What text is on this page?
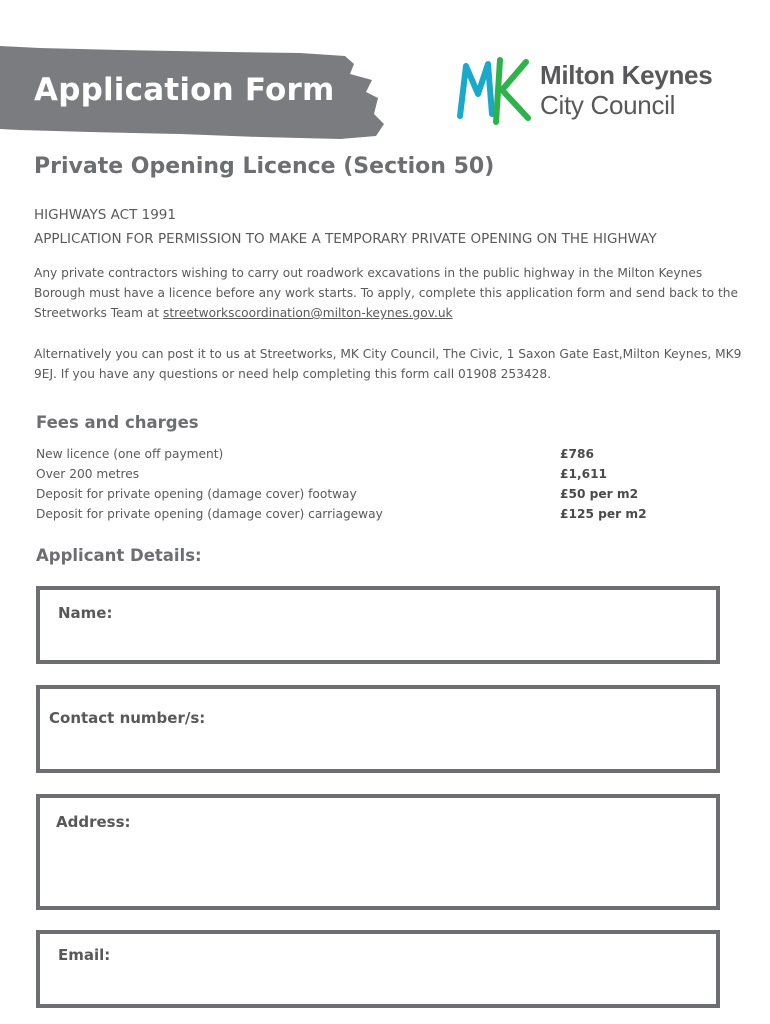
Application Form	Milton Keynes
City Council
Private Opening Licence (Section 50)

HIGHWAYS ACT 1991

APPLICATION FOR PERMISSION TO MAKE A TEMPORARY PRIVATE OPENING ON THE HIGHWAY

Any private contractors wishing to carry out roadwork excavations in the public highway in the Milton Keynes Borough must have a licence before any work starts. To apply, complete this application form and send back to the Streetworks Team at streetworkscoordination@milton-keynes.gov.uk

Alternatively you can post it to us at Streetworks, MK City Council, The Civic, 1 Saxon Gate East,Milton Keynes, MK9 9EJ. If you have any questions or need help completing this form call 01908 253428.

Fees and charges
New licence (one off payment)	£786
Over 200 metres	£1,611
Deposit for private opening (damage cover) footway	£50 per m2
Deposit for private opening (damage cover) carriageway	£125 per m2
Applicant Details:
Name:
Contact number/s:
Address:
Email:
